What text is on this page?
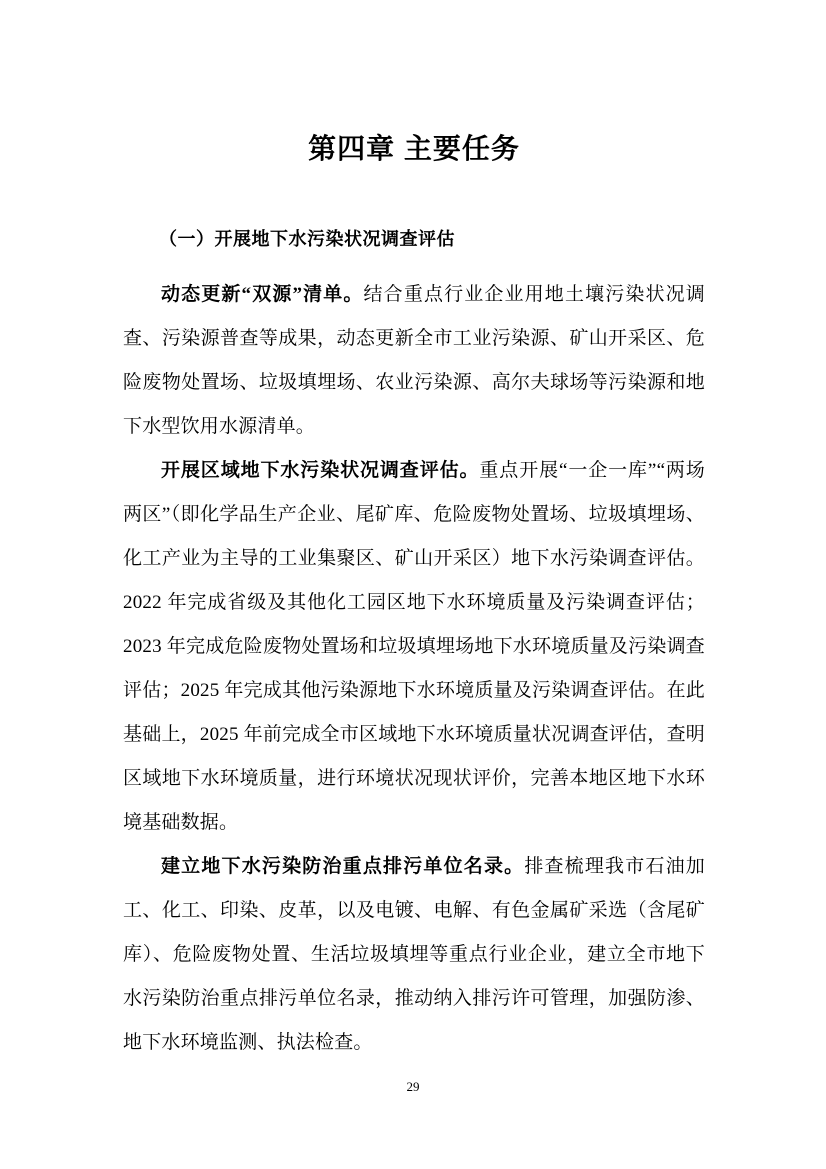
第四章 主要任务
（一）开展地下水污染状况调查评估

动态更新“双源”清单。结合重点行业企业用地土壤污染状况调查、污染源普查等成果，动态更新全市工业污染源、矿山开采区、危险废物处置场、垃圾填埋场、农业污染源、高尔夫球场等污染源和地下水型饮用水源清单。

开展区域地下水污染状况调查评估。重点开展“一企一库”“两场两区”（即化学品生产企业、尾矿库、危险废物处置场、垃圾填埋场、化工产业为主导的工业集聚区、矿山开采区）地下水污染调查评估。2022 年完成省级及其他化工园区地下水环境质量及污染调查评估；2023 年完成危险废物处置场和垃圾填埋场地下水环境质量及污染调查评估；2025 年完成其他污染源地下水环境质量及污染调查评估。在此基础上，2025 年前完成全市区域地下水环境质量状况调查评估，查明区域地下水环境质量，进行环境状况现状评价，完善本地区地下水环境基础数据。

建立地下水污染防治重点排污单位名录。排查梳理我市石油加工、化工、印染、皮革，以及电镀、电解、有色金属矿采选（含尾矿库）、危险废物处置、生活垃圾填埋等重点行业企业，建立全市地下水污染防治重点排污单位名录，推动纳入排污许可管理，加强防渗、地下水环境监测、执法检查。

29
